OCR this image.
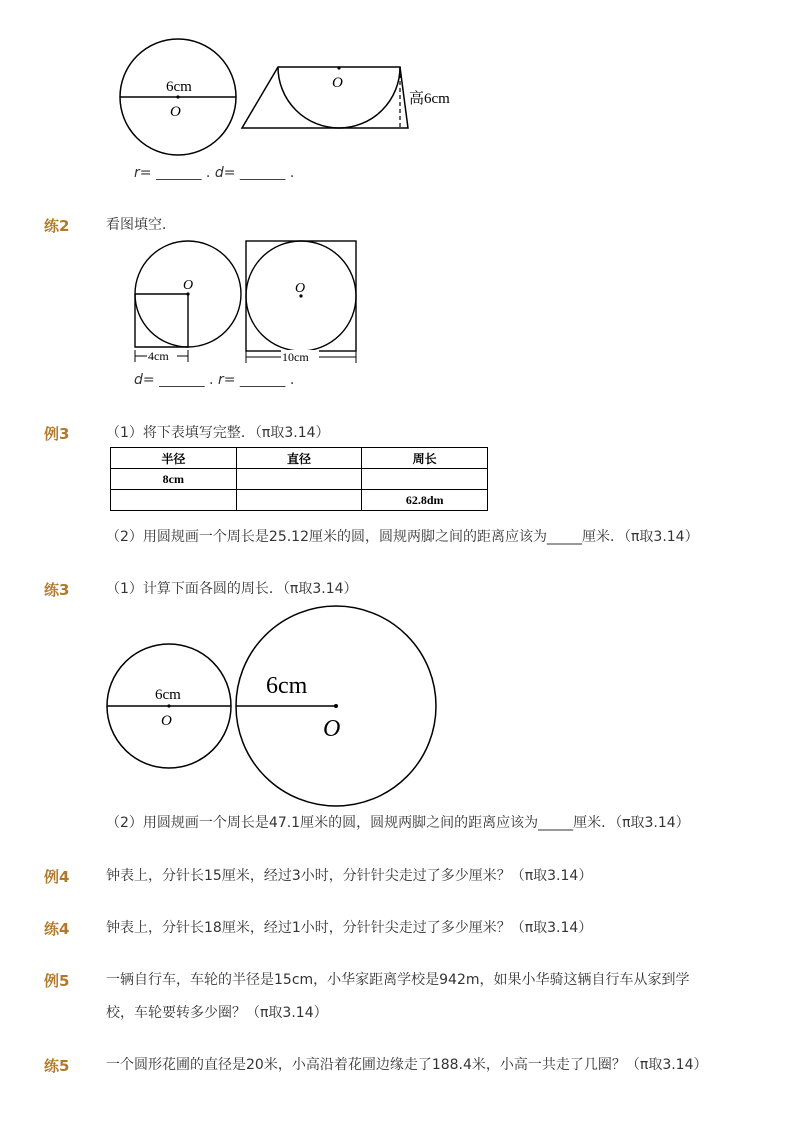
6cm
O
O
高6cm
r= _______ . d= _______ .
练2	看图填空．
O
4cm
O
10cm
d= _______ . r= _______ .
例3	（1）将下表填写完整．（π取3.14）
半径	直径	周长
8cm		
		62.8dm
（2）用圆规画一个周长是25.12厘米的圆，圆规两脚之间的距离应该为_____厘米．（π取3.14）
练3	（1）计算下面各圆的周长．（π取3.14）
6cm
O
6cm
O
（2）用圆规画一个周长是47.1厘米的圆，圆规两脚之间的距离应该为_____厘米．（π取3.14）
例4	钟表上，分针长15厘米，经过3小时，分针针尖走过了多少厘米？（π取3.14）
练4	钟表上，分针长18厘米，经过1小时，分针针尖走过了多少厘米？（π取3.14）
例5	一辆自行车，车轮的半径是15cm，小华家距离学校是942m，如果小华骑这辆自行车从家到学
校，车轮要转多少圈？（π取3.14）
练5	一个圆形花圃的直径是20米，小高沿着花圃边缘走了188.4米，小高一共走了几圈？（π取3.14）
